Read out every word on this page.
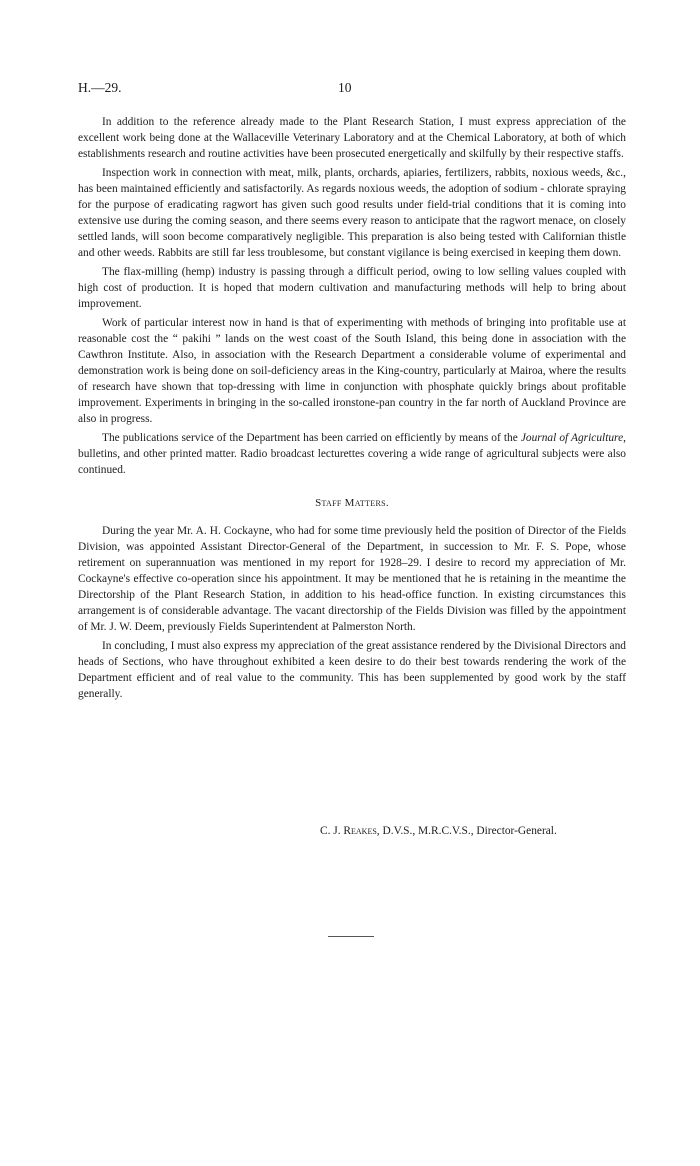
H.—29.	10

In addition to the reference already made to the Plant Research Station, I must express appreciation of the excellent work being done at the Wallaceville Veterinary Laboratory and at the Chemical Laboratory, at both of which establishments research and routine activities have been prosecuted energetically and skilfully by their respective staffs.

Inspection work in connection with meat, milk, plants, orchards, apiaries, fertilizers, rabbits, noxious weeds, &c., has been maintained efficiently and satisfactorily. As regards noxious weeds, the adoption of sodium - chlorate spraying for the purpose of eradicating ragwort has given such good results under field-trial conditions that it is coming into extensive use during the coming season, and there seems every reason to anticipate that the ragwort menace, on closely settled lands, will soon become comparatively negligible. This preparation is also being tested with Californian thistle and other weeds. Rabbits are still far less troublesome, but constant vigilance is being exercised in keeping them down.

The flax-milling (hemp) industry is passing through a difficult period, owing to low selling values coupled with high cost of production. It is hoped that modern cultivation and manufacturing methods will help to bring about improvement.

Work of particular interest now in hand is that of experimenting with methods of bringing into profitable use at reasonable cost the “ pakihi ” lands on the west coast of the South Island, this being done in association with the Cawthron Institute. Also, in association with the Research Department a considerable volume of experimental and demonstration work is being done on soil-deficiency areas in the King-country, particularly at Mairoa, where the results of research have shown that top-dressing with lime in conjunction with phosphate quickly brings about profitable improvement. Experiments in bringing in the so-called ironstone-pan country in the far north of Auckland Province are also in progress.

The publications service of the Department has been carried on efficiently by means of the Journal of Agriculture, bulletins, and other printed matter. Radio broadcast lecturettes covering a wide range of agricultural subjects were also continued.

Staff Matters.

During the year Mr. A. H. Cockayne, who had for some time previously held the position of Director of the Fields Division, was appointed Assistant Director-General of the Department, in succession to Mr. F. S. Pope, whose retirement on superannuation was mentioned in my report for 1928–29. I desire to record my appreciation of Mr. Cockayne's effective co-operation since his appointment. It may be mentioned that he is retaining in the meantime the Directorship of the Plant Research Station, in addition to his head-office function. In existing circumstances this arrangement is of considerable advantage. The vacant directorship of the Fields Division was filled by the appointment of Mr. J. W. Deem, previously Fields Superintendent at Palmerston North.

In concluding, I must also express my appreciation of the great assistance rendered by the Divisional Directors and heads of Sections, who have throughout exhibited a keen desire to do their best towards rendering the work of the Department efficient and of real value to the community. This has been supplemented by good work by the staff generally.

C. J. Reakes, D.V.S., M.R.C.V.S., Director-General.
